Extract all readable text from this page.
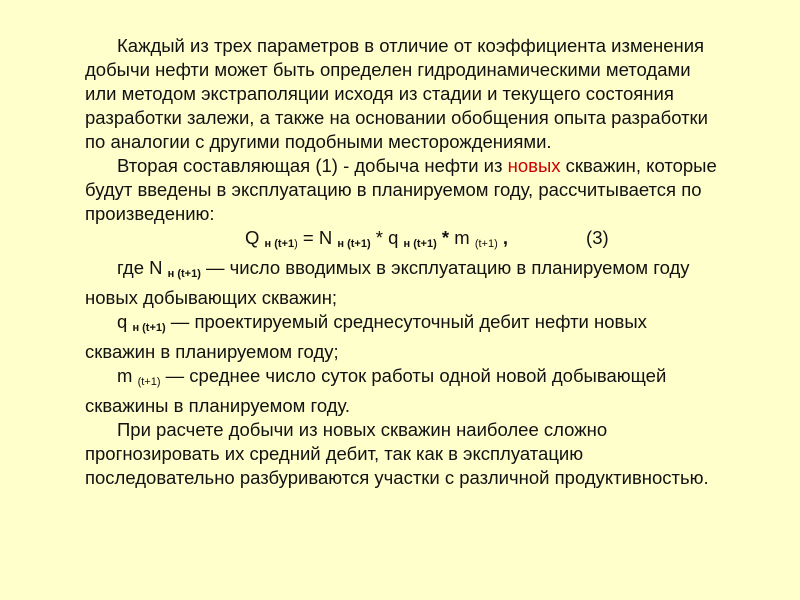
Каждый из трех параметров в отличие от коэффициента изменения
добычи нефти может быть определен гидродинамическими методами
или методом экстраполяции исходя из стадии и текущего состояния
разработки залежи, а также на основании обобщения опыта разработки
по аналогии с другими подобными месторождениями.
Вторая составляющая (1) - добыча нефти из новых скважин, которые
будут введены в эксплуатацию в планируемом году, рассчитывается по
произведению:
Q $_{н (t+1}$) = N $_{н (t+1)}$ * q $_{н (t+1)}$ * m (t+1) ,	(3)
где N $_{н (t+1)}$ — число вводимых в эксплуатацию в планируемом году
новых добывающих скважин;
q $_{н (t+1)}$ — проектируемый среднесуточный дебит нефти новых
скважин в планируемом году;
m (t+1) — среднее число суток работы одной новой добывающей
скважины в планируемом году.
При расчете добычи из новых скважин наиболее сложно
прогнозировать их средний дебит, так как в эксплуатацию
последовательно разбуриваются участки с различной продуктивностью.
